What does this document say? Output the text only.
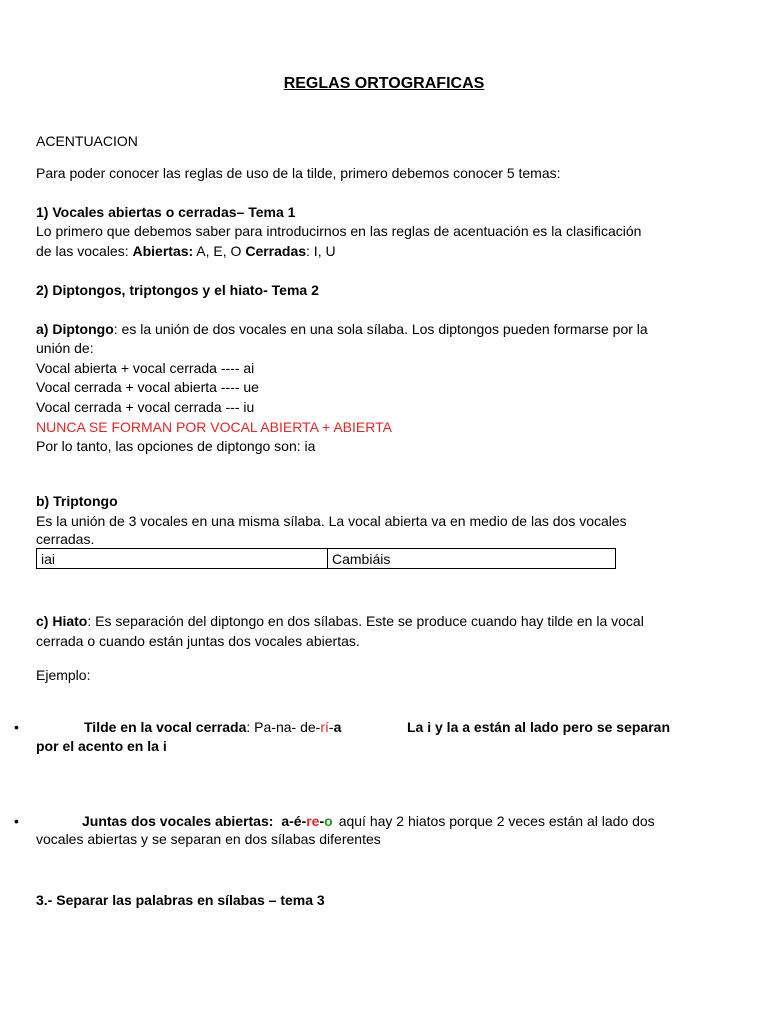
REGLAS ORTOGRAFICAS
ACENTUACION
Para poder conocer las reglas de uso de la tilde, primero debemos conocer 5 temas:
1) Vocales abiertas o cerradas– Tema 1
Lo primero que debemos saber para introducirnos en las reglas de acentuación es la clasificación
de las vocales: Abiertas: A, E, O Cerradas: I, U
2) Diptongos, triptongos y el hiato- Tema 2
a) Diptongo: es la unión de dos vocales en una sola sílaba. Los diptongos pueden formarse por la
unión de:
Vocal abierta + vocal cerrada ---- ai
Vocal cerrada + vocal abierta ---- ue
Vocal cerrada + vocal cerrada --- iu
NUNCA SE FORMAN POR VOCAL ABIERTA + ABIERTA
Por lo tanto, las opciones de diptongo son: ia
b) Triptongo
Es la unión de 3 vocales en una misma sílaba. La vocal abierta va en medio de las dos vocales
cerradas.
iai	Cambiáis
c) Hiato: Es separación del diptongo en dos sílabas. Este se produce cuando hay tilde en la vocal
cerrada o cuando están juntas dos vocales abiertas.
Ejemplo:
•	Tilde en la vocal cerrada: Pa-na- de-rí-a	La i y la a están al lado pero se separan
por el acento en la i
•	Juntas dos vocales abiertas: a-é-re-o aquí hay 2 hiatos porque 2 veces están al lado dos
vocales abiertas y se separan en dos sílabas diferentes
3.- Separar las palabras en sílabas – tema 3
